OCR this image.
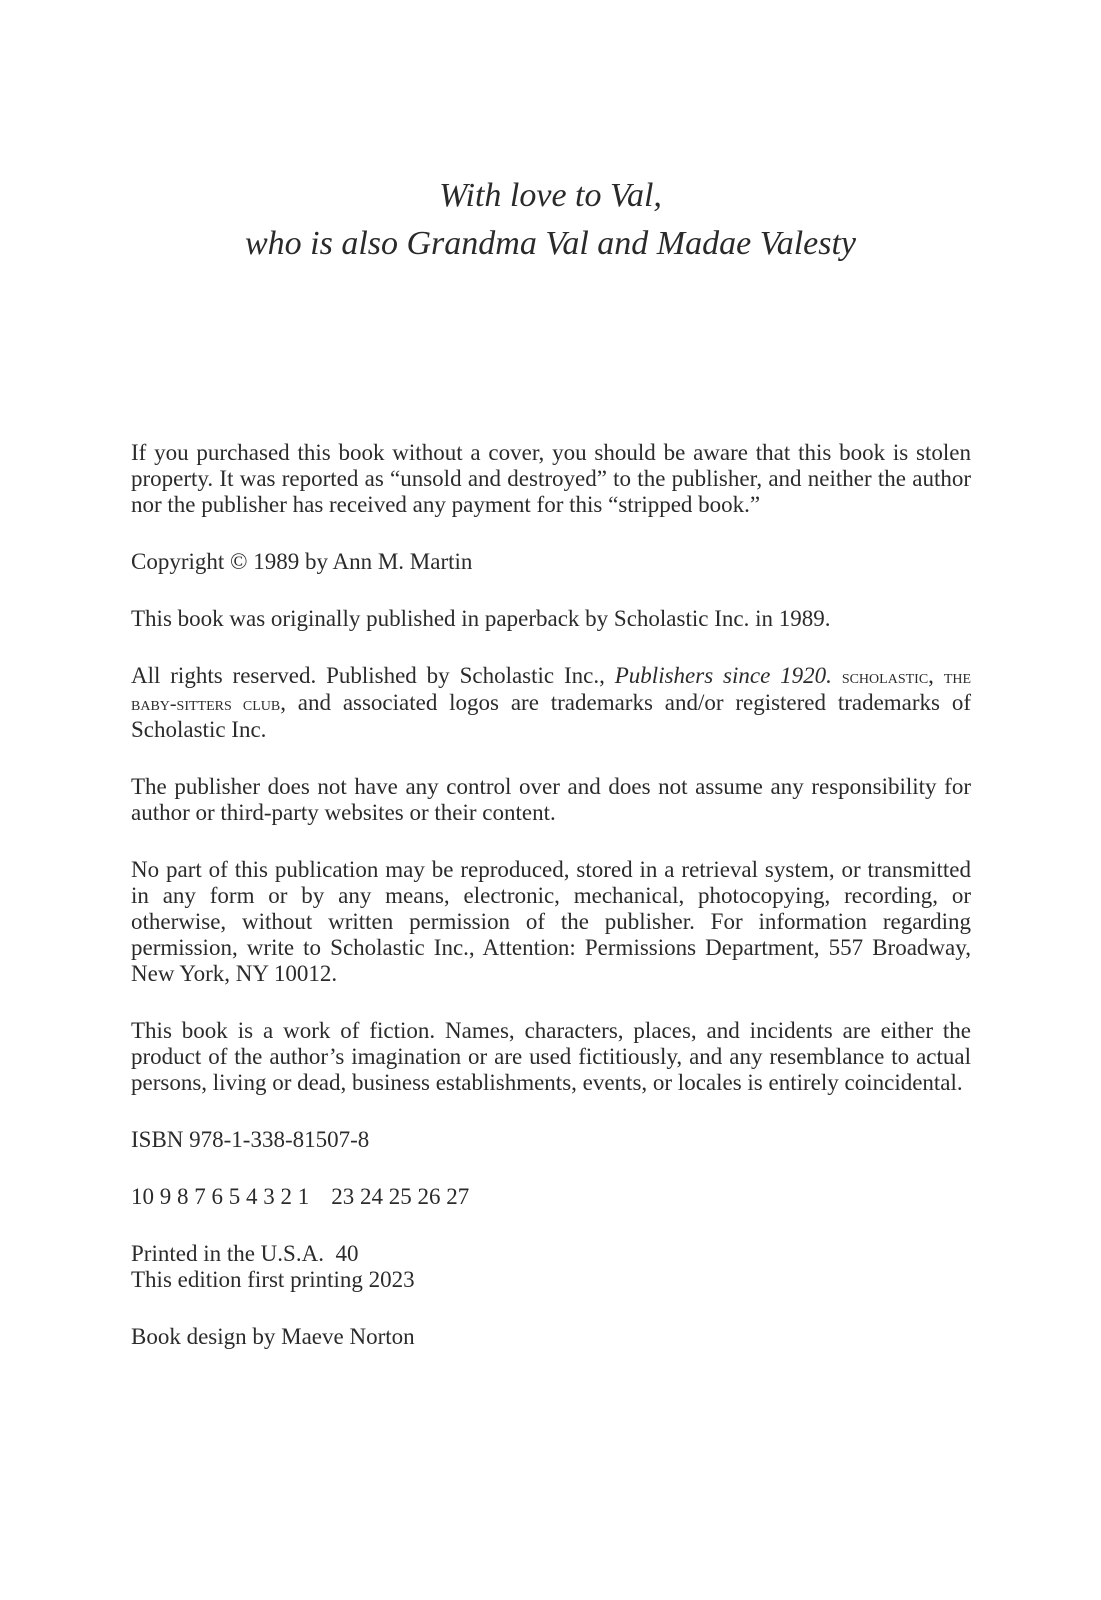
With love to Val,
who is also Grandma Val and Madae Valesty

If you purchased this book without a cover, you should be aware that this book is stolen property. It was reported as “unsold and destroyed” to the publisher, and neither the author nor the publisher has received any payment for this “stripped book.”

Copyright © 1989 by Ann M. Martin

This book was originally published in paperback by Scholastic Inc. in 1989.

All rights reserved. Published by Scholastic Inc., Publishers since 1920. scholastic, the baby-sitters club, and associated logos are trademarks and/or registered trademarks of Scholastic Inc.

The publisher does not have any control over and does not assume any responsibility for author or third-party websites or their content.

No part of this publication may be reproduced, stored in a retrieval system, or transmitted in any form or by any means, electronic, mechanical, photocopying, recording, or otherwise, without written permission of the publisher. For information regarding permission, write to Scholastic Inc., Attention: Permissions Department, 557 Broadway, New York, NY 10012.

This book is a work of fiction. Names, characters, places, and incidents are either the product of the author’s imagination or are used fictitiously, and any resemblance to actual persons, living or dead, business establishments, events, or locales is entirely coincidental.

ISBN 978-1-338-81507-8

10 9 8 7 6 5 4 3 2 1 23 24 25 26 27

Printed in the U.S.A.  40
This edition first printing 2023

Book design by Maeve Norton
